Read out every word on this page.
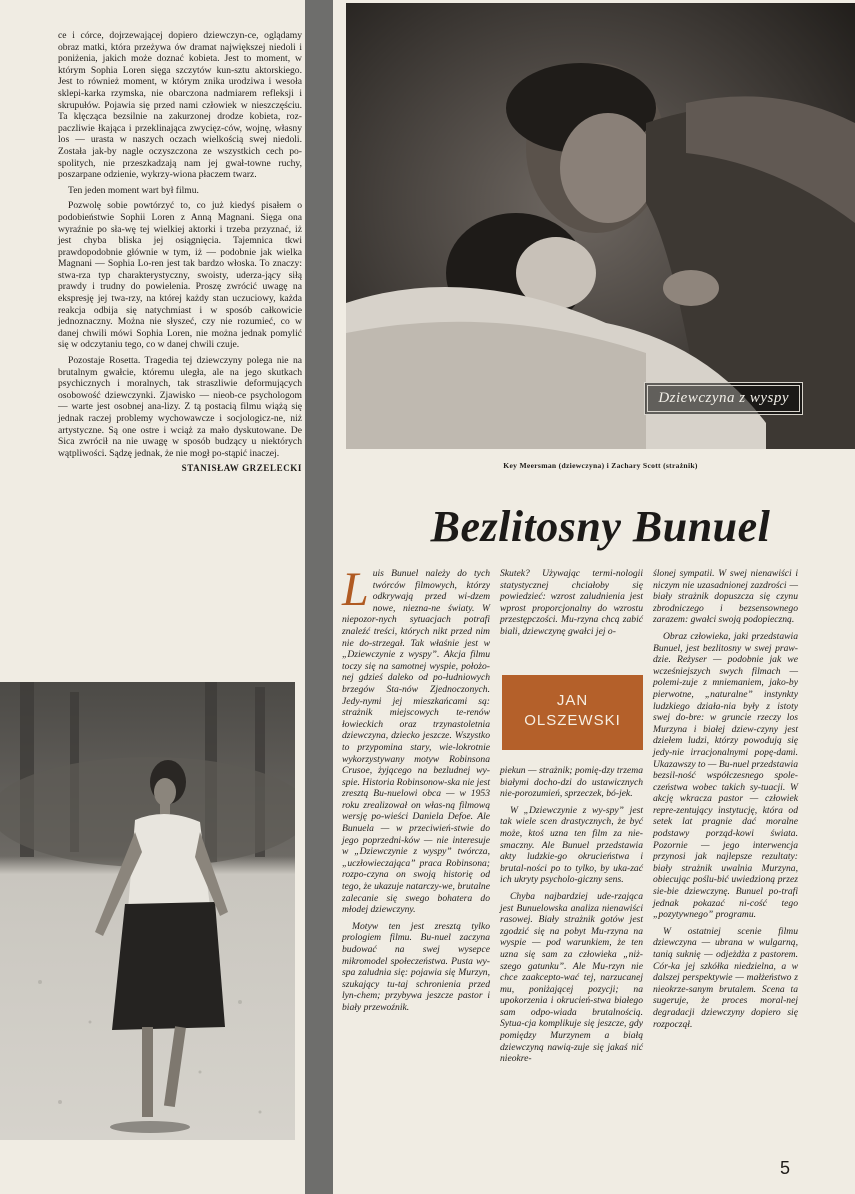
ce i córce, dojrzewającej dopiero dziewczyn-ce, oglądamy obraz matki, która przeżywa ów dramat największej niedoli i poniżenia, jakich może doznać kobieta. Jest to moment, w którym Sophia Loren sięga szczytów kun-sztu aktorskiego. Jest to również moment, w którym znika urodziwa i wesoła sklepi-karka rzymska, nie obarczona nadmiarem refleksji i skrupułów. Pojawia się przed nami człowiek w nieszczęściu. Ta klęcząca bezsilnie na zakurzonej drodze kobieta, roz-paczliwie łkająca i przeklinająca zwycięz-ców, wojnę, własny los — urasta w naszych oczach wielkością swej niedoli. Została jak-by nagle oczyszczona ze wszystkich cech po-spolitych, nie przeszkadzają nam jej gwał-towne ruchy, poszarpane odzienie, wykrzy-wiona płaczem twarz.

Ten jeden moment wart był filmu.

Pozwolę sobie powtórzyć to, co już kiedyś pisałem o podobieństwie Sophii Loren z Anną Magnani. Sięga ona wyraźnie po sła-wę tej wielkiej aktorki i trzeba przyznać, iż jest chyba bliska jej osiągnięcia. Tajemnica tkwi prawdopodobnie głównie w tym, iż — podobnie jak wielka Magnani — Sophia Lo-ren jest tak bardzo włoska. To znaczy: stwa-rza typ charakterystyczny, swoisty, uderza-jący siłą prawdy i trudny do powielenia. Proszę zwrócić uwagę na ekspresję jej twa-rzy, na której każdy stan uczuciowy, każda reakcja odbija się natychmiast i w sposób całkowicie jednoznaczny. Można nie słyszeć, czy nie rozumieć, co w danej chwili mówi Sophia Loren, nie można jednak pomylić się w odczytaniu tego, co w danej chwili czuje.

Pozostaje Rosetta. Tragedia tej dziewczyny polega nie na brutalnym gwałcie, któremu uległa, ale na jego skutkach psychicznych i moralnych, tak straszliwie deformujących osobowość dziewczynki. Zjawisko — nieob-ce psychologom — warte jest osobnej ana-lizy. Z tą postacią filmu wiążą się jednak raczej problemy wychowawcze i socjologicz-ne, niż artystyczne. Są one ostre i wciąż za mało dyskutowane. De Sica zwrócił na nie uwagę w sposób budzący u niektórych wątpliwości. Sądzę jednak, że nie mogł po-stąpić inaczej.

STANISŁAW GRZELECKI
Dziewczyna z wyspy
Key Meersman (dziewczyna) i Zachary Scott (strażnik)
Bezlitosny Bunuel

Luis Bunuel należy do tych twórców filmowych, którzy odkrywają przed wi-dzem nowe, niezna-ne światy. W niepozor-nych sytuacjach potrafi znaleźć treści, których nikt przed nim nie do-strzegał. Tak właśnie jest w „Dziewczynie z wyspy”. Akcja filmu toczy się na samotnej wyspie, położo-nej gdzieś daleko od po-łudniowych brzegów Sta-nów Zjednoczonych. Jedy-nymi jej mieszkańcami są: strażnik miejscowych te-renów łowieckich oraz trzynastoletnia dziewczyna, dziecko jeszcze. Wszystko to przypomina stary, wie-lokrotnie wykorzystywany motyw Robinsona Crusoe, żyjącego na bezludnej wy-spie. Historia Robinsonow-ska nie jest zresztą Bu-nuelowi obca — w 1953 roku zrealizował on włas-ną filmową wersję po-wieści Daniela Defoe. Ale Bunuela — w przeciwień-stwie do jego poprzedni-ków — nie interesuje w „Dziewczynie z wyspy” twórcza, „uczłowieczająca” praca Robinsona; rozpo-czyna on swoją historię od tego, że ukazuje natarczy-we, brutalne zalecanie się swego bohatera do młodej dziewczyny.

Motyw ten jest zresztą tylko prologiem filmu. Bu-nuel zaczyna budować na swej wysepce mikromodel społeczeństwa. Pusta wy-spa zaludnia się: pojawia się Murzyn, szukający tu-taj schronienia przed lyn-chem; przybywa jeszcze pastor i biały przewoźnik.

Skutek? Używając termi-nologii statystycznej chciałoby się powiedzieć: wzrost zaludnienia jest wprost proporcjonalny do wzrostu przestępczości. Mu-rzyna chcą zabić biali, dziewczynę gwałci jej o-

JAN
OLSZEWSKI

piekun — strażnik; pomię-dzy trzema białymi docho-dzi do ustawicznych nie-porozumień, sprzeczek, bó-jek.

W „Dziewczynie z wy-spy” jest tak wiele scen drastycznych, że być może, ktoś uzna ten film za nie-smaczny. Ale Bunuel przedstawia akty ludzkie-go okrucieństwa i brutal-ności po to tylko, by uka-zać ich ukryty psycholo-giczny sens.

Chyba najbardziej ude-rzająca jest Bunuelowska analiza nienawiści rasowej. Biały strażnik gotów jest zgodzić się na pobyt Mu-rzyna na wyspie — pod warunkiem, że ten uzna się sam za człowieka „niż-szego gatunku”. Ale Mu-rzyn nie chce zaakcepto-wać tej, narzucanej mu, poniżającej pozycji; na upokorzenia i okrucień-stwa białego sam odpo-wiada brutalnością. Sytua-cja komplikuje się jeszcze, gdy pomiędzy Murzynem a białą dziewczyną nawią-zuje się jakaś nić nieokre-

ślonej sympatii. W swej nienawiści i niczym nie uzasadnionej zazdrości — biały strażnik dopuszcza się czynu zbrodniczego i bezsensownego zarazem: gwałci swoją podopieczną.

Obraz człowieka, jaki przedstawia Bunuel, jest bezlitosny w swej praw-dzie. Reżyser — podobnie jak we wcześniejszych swych filmach — polemi-zuje z mniemaniem, jako-by pierwotne, „naturalne” instynkty ludzkiego działa-nia były z istoty swej do-bre: w gruncie rzeczy los Murzyna i białej dziew-czyny jest dziełem ludzi, którzy powodują się jedy-nie irracjonalnymi popę-dami. Ukazawszy to — Bu-nuel przedstawia bezsil-ność współczesnego spole-czeństwa wobec takich sy-tuacji. W akcję wkracza pastor — człowiek repre-zentujący instytucję, która od setek lat pragnie dać moralne podstawy porząd-kowi świata. Pozornie — jego interwencja przynosi jak najlepsze rezultaty: biały strażnik uwalnia Murzyna, obiecując poślu-bić uwiedzioną przez sie-bie dziewczynę. Bunuel po-trafi jednak pokazać ni-cość tego „pozytywnego” programu.

W ostatniej scenie filmu dziewczyna — ubrana w wulgarną, tanią suknię — odjeżdża z pastorem. Cór-ka jej szkółka niedzielna, a w dalszej perspektywie — małżeństwo z nieokrze-sanym brutalem. Scena ta sugeruje, że proces moral-nej degradacji dziewczyny dopiero się rozpoczął.

5
